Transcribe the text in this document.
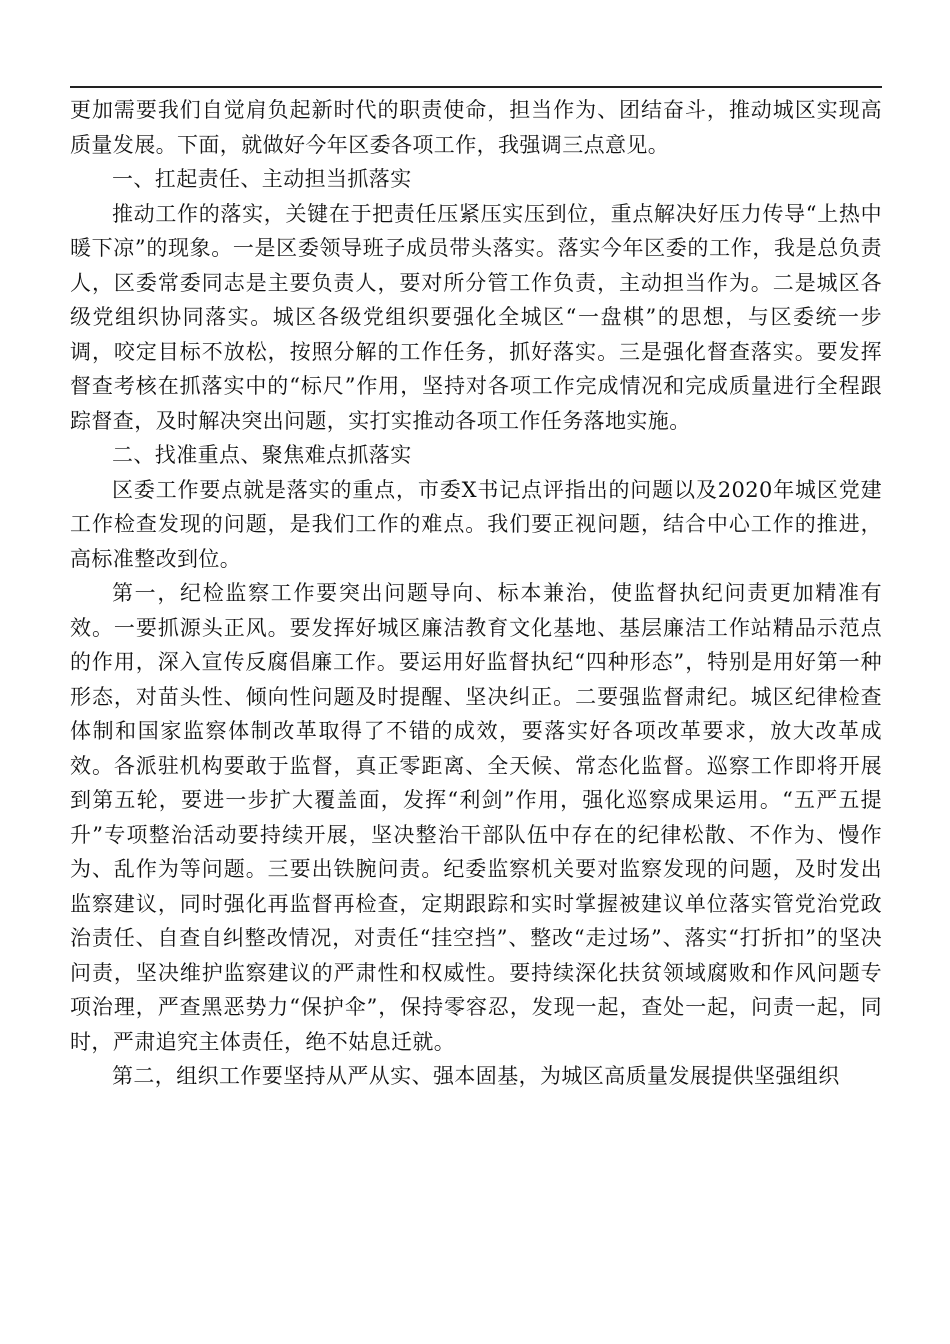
更加需要我们自觉肩负起新时代的职责使命，担当作为、团结奋斗，推动城区实现高质量发展。下面，就做好今年区委各项工作，我强调三点意见。

一、扛起责任、主动担当抓落实

推动工作的落实，关键在于把责任压紧压实压到位，重点解决好压力传导“上热中暖下凉”的现象。一是区委领导班子成员带头落实。落实今年区委的工作，我是总负责人，区委常委同志是主要负责人，要对所分管工作负责，主动担当作为。二是城区各级党组织协同落实。城区各级党组织要强化全城区“一盘棋”的思想，与区委统一步调，咬定目标不放松，按照分解的工作任务，抓好落实。三是强化督查落实。要发挥督查考核在抓落实中的“标尺”作用，坚持对各项工作完成情况和完成质量进行全程跟踪督查，及时解决突出问题，实打实推动各项工作任务落地实施。

二、找准重点、聚焦难点抓落实

区委工作要点就是落实的重点，市委X书记点评指出的问题以及2020年城区党建工作检查发现的问题，是我们工作的难点。我们要正视问题，结合中心工作的推进，高标准整改到位。

第一，纪检监察工作要突出问题导向、标本兼治，使监督执纪问责更加精准有效。一要抓源头正风。要发挥好城区廉洁教育文化基地、基层廉洁工作站精品示范点的作用，深入宣传反腐倡廉工作。要运用好监督执纪“四种形态”，特别是用好第一种形态，对苗头性、倾向性问题及时提醒、坚决纠正。二要强监督肃纪。城区纪律检查体制和国家监察体制改革取得了不错的成效，要落实好各项改革要求，放大改革成效。各派驻机构要敢于监督，真正零距离、全天候、常态化监督。巡察工作即将开展到第五轮，要进一步扩大覆盖面，发挥“利剑”作用，强化巡察成果运用。“五严五提升”专项整治活动要持续开展，坚决整治干部队伍中存在的纪律松散、不作为、慢作为、乱作为等问题。三要出铁腕问责。纪委监察机关要对监察发现的问题，及时发出监察建议，同时强化再监督再检查，定期跟踪和实时掌握被建议单位落实管党治党政治责任、自查自纠整改情况，对责任“挂空挡”、整改“走过场”、落实“打折扣”的坚决问责，坚决维护监察建议的严肃性和权威性。要持续深化扶贫领域腐败和作风问题专项治理，严查黑恶势力“保护伞”，保持零容忍，发现一起，查处一起，问责一起，同时，严肃追究主体责任，绝不姑息迁就。

第二，组织工作要坚持从严从实、强本固基，为城区高质量发展提供坚强组织
